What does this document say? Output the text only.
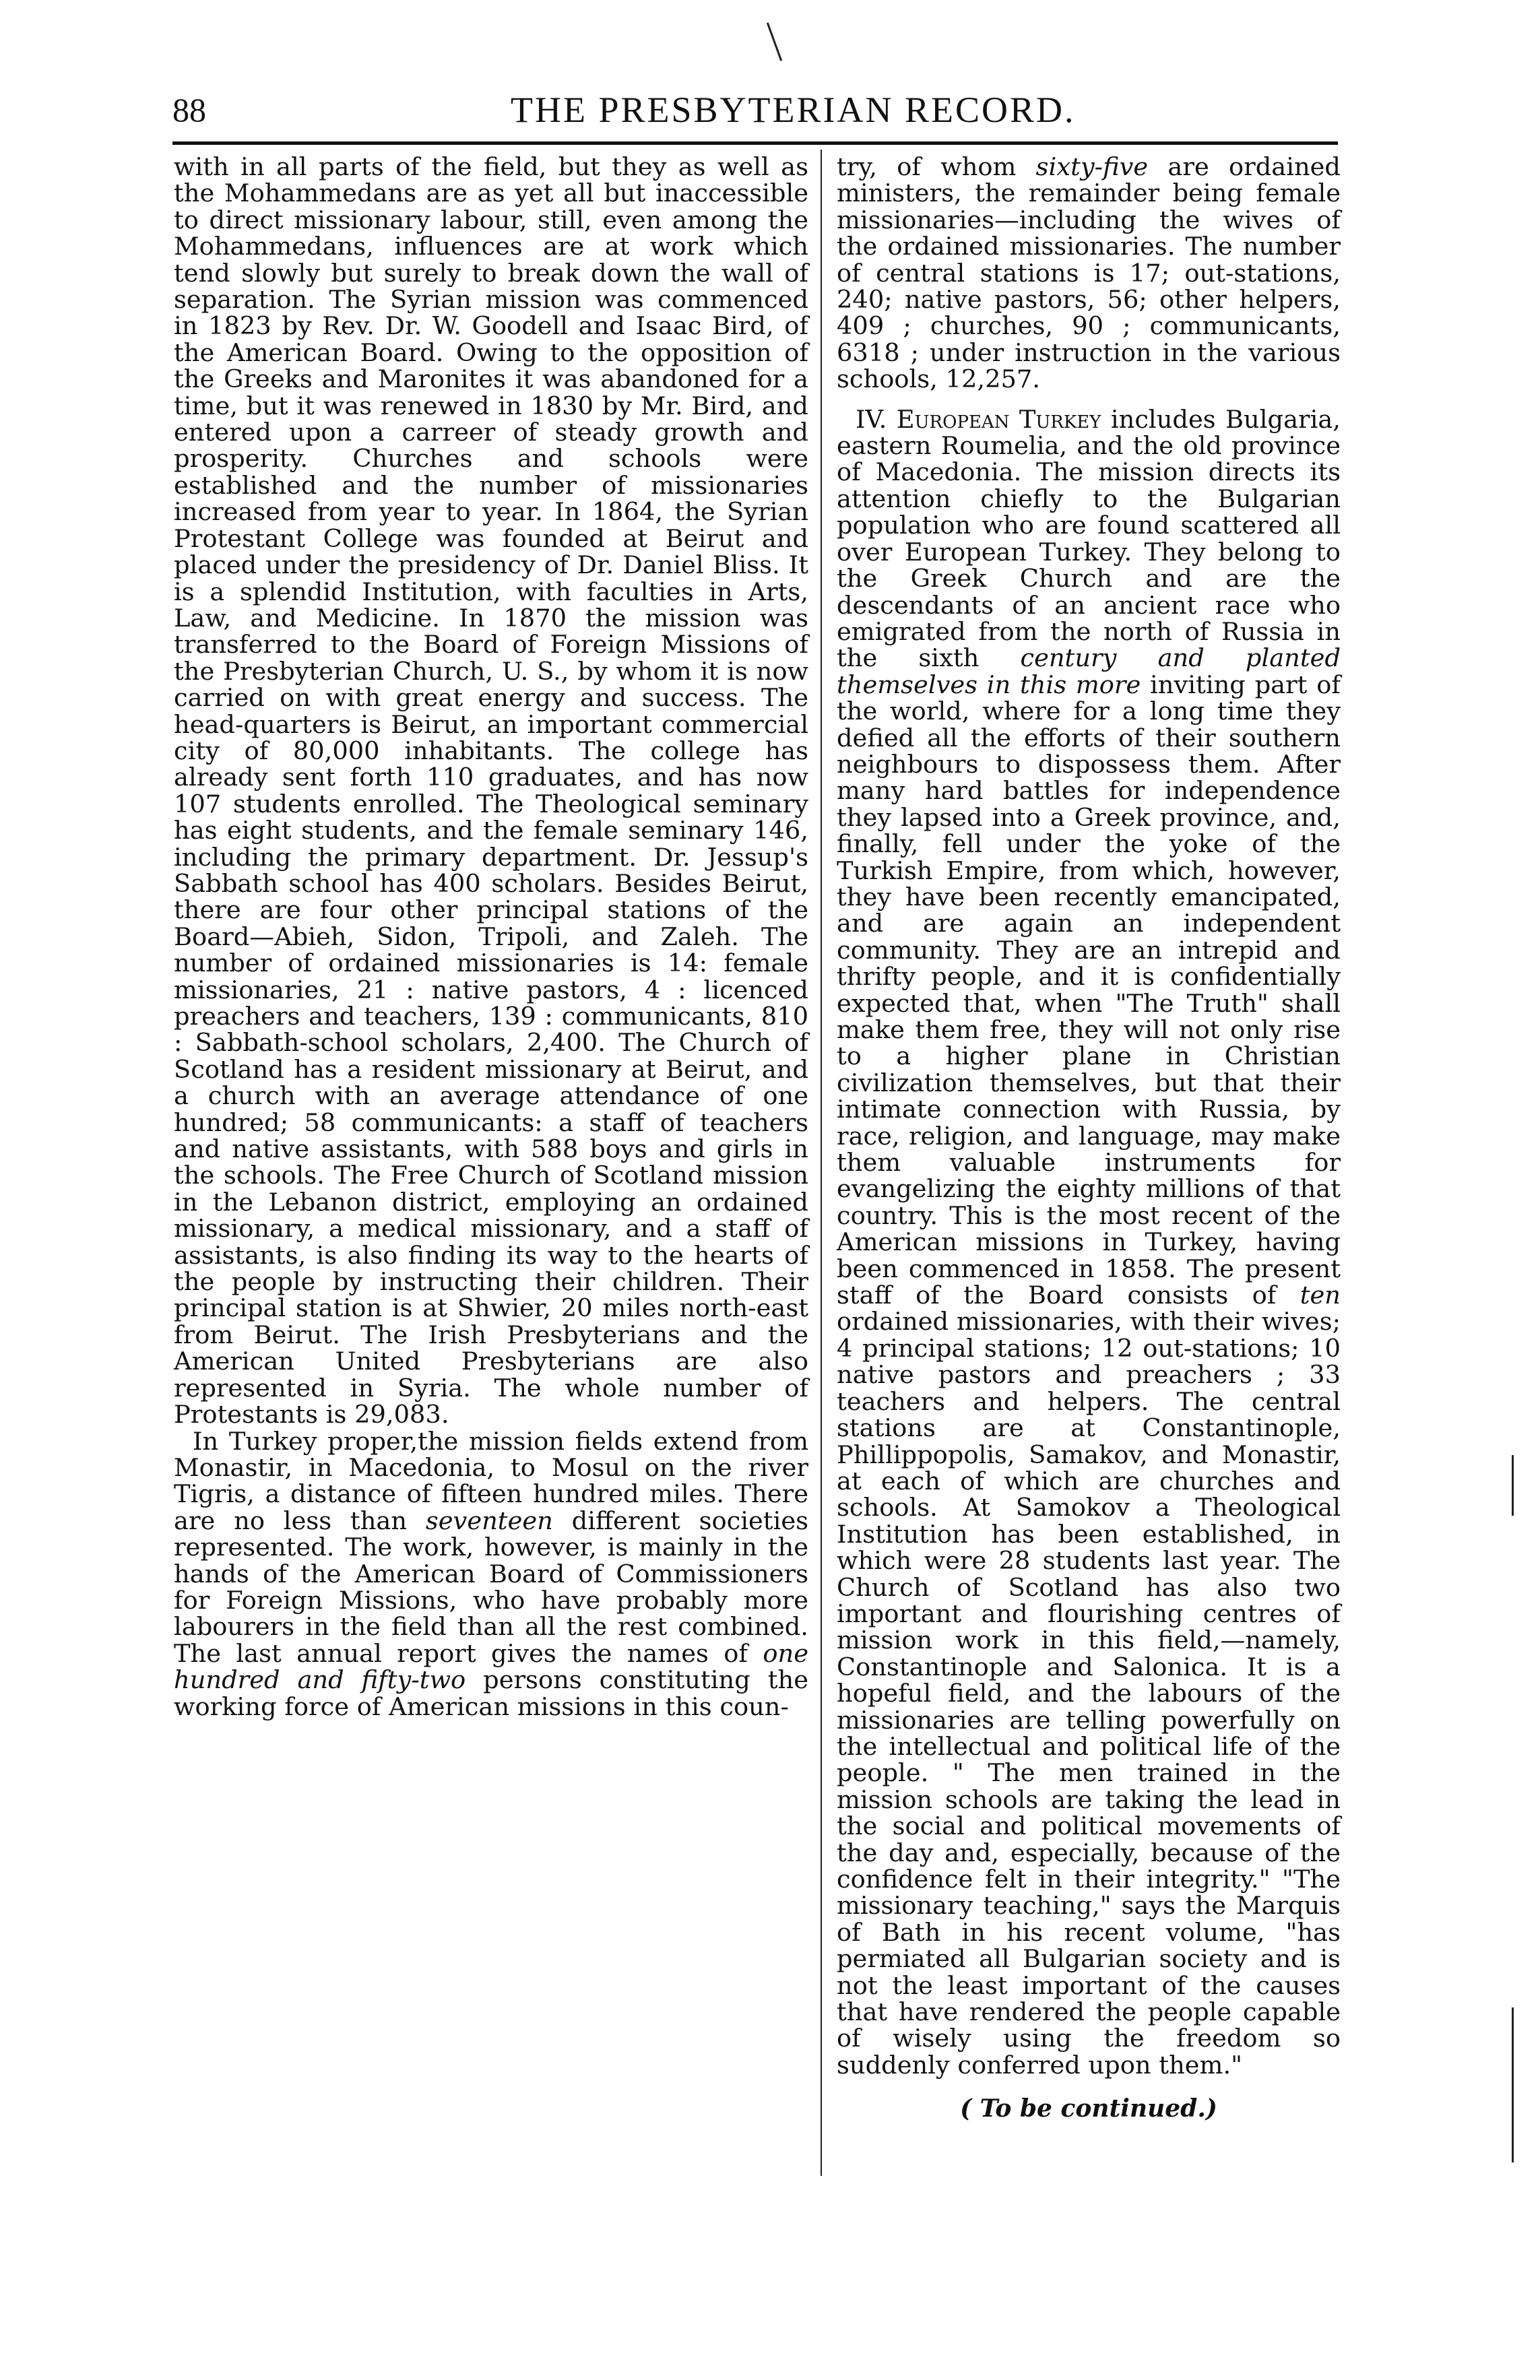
88	THE PRESBYTERIAN RECORD.

with in all parts of the field, but they as well as the Mohammedans are as yet all but inaccessible to direct missionary labour, still, even among the Mohammedans, influences are at work which tend slowly but surely to break down the wall of separation. The Syrian mission was commenced in 1823 by Rev. Dr. W. Goodell and Isaac Bird, of the American Board. Owing to the opposition of the Greeks and Maronites it was abandoned for a time, but it was renewed in 1830 by Mr. Bird, and entered upon a carreer of steady growth and prosperity. Churches and schools were established and the number of missionaries increased from year to year. In 1864, the Syrian Protestant College was founded at Beirut and placed under the presidency of Dr. Daniel Bliss. It is a splendid Institution, with faculties in Arts, Law, and Medicine. In 1870 the mission was transferred to the Board of Foreign Missions of the Presbyterian Church, U. S., by whom it is now carried on with great energy and success. The head-quarters is Beirut, an important commercial city of 80,000 inhabitants. The college has already sent forth 110 graduates, and has now 107 students enrolled. The Theological seminary has eight students, and the female seminary 146, including the primary department. Dr. Jessup's Sabbath school has 400 scholars. Besides Beirut, there are four other principal stations of the Board—Abieh, Sidon, Tripoli, and Zaleh. The number of ordained missionaries is 14: female missionaries, 21 : native pastors, 4 : licenced preachers and teachers, 139 : communicants, 810 : Sabbath-school scholars, 2,400. The Church of Scotland has a resident missionary at Beirut, and a church with an average attendance of one hundred; 58 communicants: a staff of teachers and native assistants, with 588 boys and girls in the schools. The Free Church of Scotland mission in the Lebanon district, employing an ordained missionary, a medical missionary, and a staff of assistants, is also finding its way to the hearts of the people by instructing their children. Their principal station is at Shwier, 20 miles north-east from Beirut. The Irish Presbyterians and the American United Presbyterians are also represented in Syria. The whole number of Protestants is 29,083.

In Turkey proper,the mission fields extend from Monastir, in Macedonia, to Mosul on the river Tigris, a distance of fifteen hundred miles. There are no less than seventeen different societies represented. The work, however, is mainly in the hands of the American Board of Commissioners for Foreign Missions, who have probably more labourers in the field than all the rest combined. The last annual report gives the names of one hundred and fifty-two persons constituting the working force of American missions in this coun-

try, of whom sixty-five are ordained ministers, the remainder being female missionaries—including the wives of the ordained missionaries. The number of central stations is 17; out-stations, 240; native pastors, 56; other helpers, 409 ; churches, 90 ; communicants, 6318 ; under instruction in the various schools, 12,257.

IV. European Turkey includes Bulgaria, eastern Roumelia, and the old province of Macedonia. The mission directs its attention chiefly to the Bulgarian population who are found scattered all over European Turkey. They belong to the Greek Church and are the descendants of an ancient race who emigrated from the north of Russia in the sixth century and planted themselves in this more inviting part of the world, where for a long time they defied all the efforts of their southern neighbours to dispossess them. After many hard battles for independence they lapsed into a Greek province, and, finally, fell under the yoke of the Turkish Empire, from which, however, they have been recently emancipated, and are again an independent community. They are an intrepid and thrifty people, and it is confidentially expected that, when "The Truth" shall make them free, they will not only rise to a higher plane in Christian civilization themselves, but that their intimate connection with Russia, by race, religion, and language, may make them valuable instruments for evangelizing the eighty millions of that country. This is the most recent of the American missions in Turkey, having been commenced in 1858. The present staff of the Board consists of ten ordained missionaries, with their wives; 4 principal stations; 12 out-stations; 10 native pastors and preachers ; 33 teachers and helpers. The central stations are at Constantinople, Phillippopolis, Samakov, and Monastir, at each of which are churches and schools. At Samokov a Theological Institution has been established, in which were 28 students last year. The Church of Scotland has also two important and flourishing centres of mission work in this field,—namely, Constantinople and Salonica. It is a hopeful field, and the labours of the missionaries are telling powerfully on the intellectual and political life of the people. " The men trained in the mission schools are taking the lead in the social and political movements of the day and, especially, because of the confidence felt in their integrity." "The missionary teaching," says the Marquis of Bath in his recent volume, "has permiated all Bulgarian society and is not the least important of the causes that have rendered the people capable of wisely using the freedom so suddenly conferred upon them."

( To be continued.)
